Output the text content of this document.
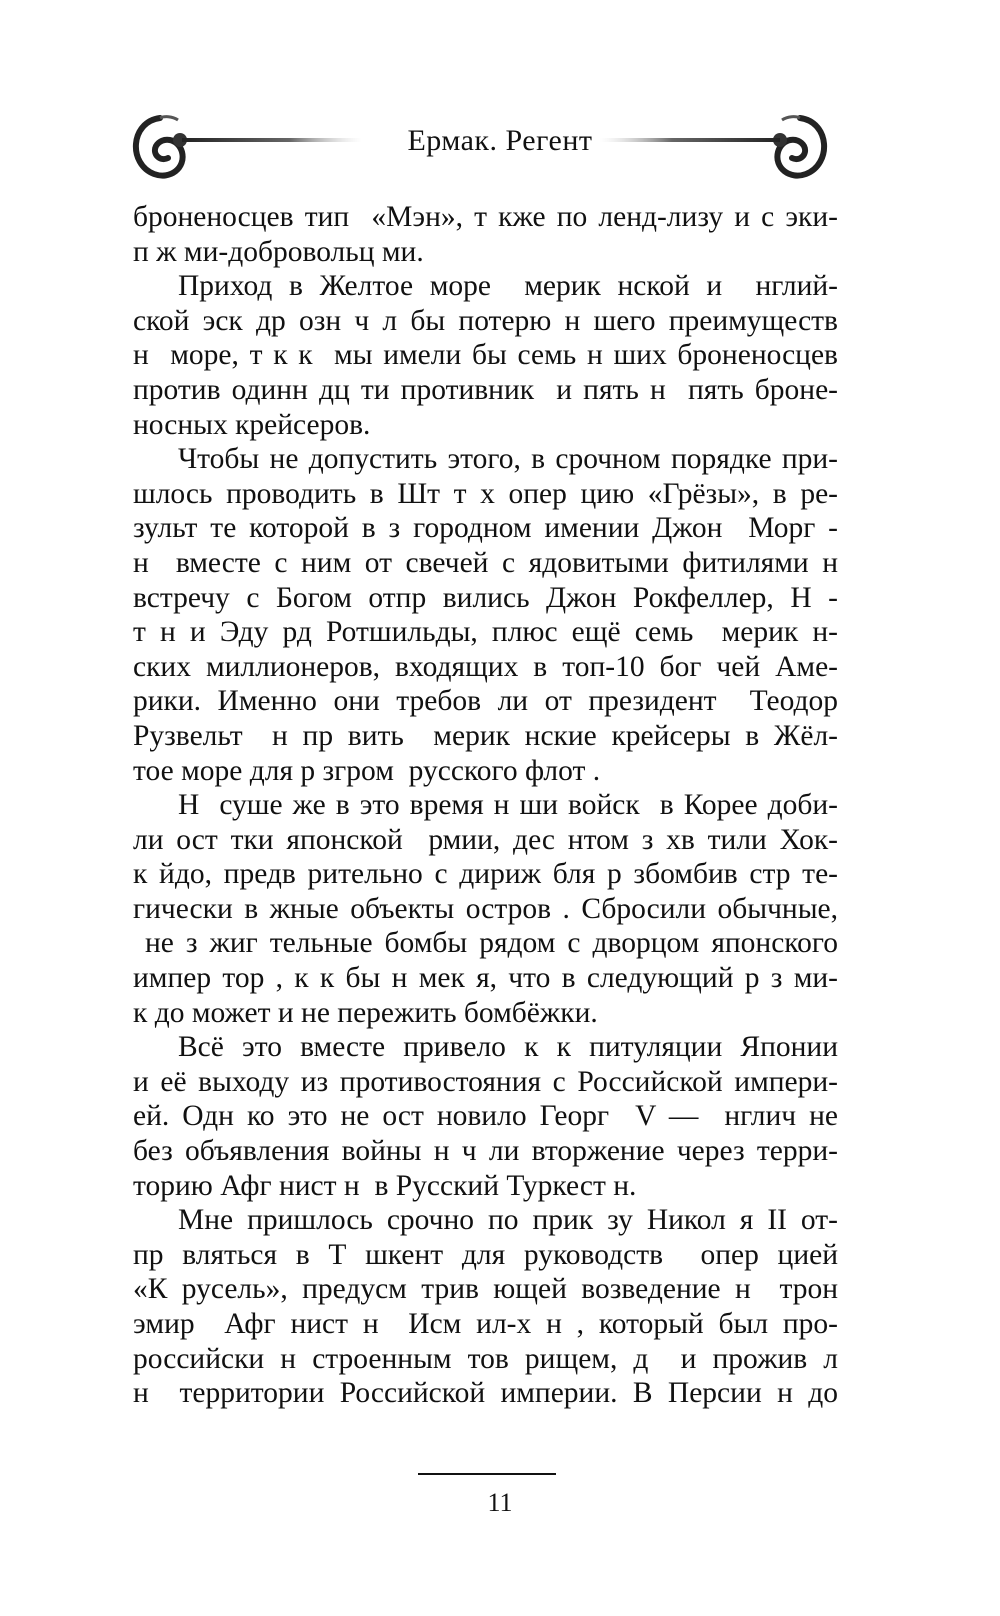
Ермак. Регент
броненосцев тип  «Мэн», т кже по ленд-лизу и с эки-
п ж ми-добровольц ми.
Приход в Желтое море  мерик нской и  нглий-
ской эск др озн ч л бы потерю н шего преимуществ
н  море, т к к  мы имели бы семь н ших броненосцев
против одинн дц ти противник  и пять н  пять броне-
носных крейсеров.
Чтобы не допустить этого, в срочном порядке при-
шлось проводить в Шт т х опер цию «Грёзы», в ре-
зульт те которой в з городном имении Джон  Морг -
н  вместе с ним от свечей с ядовитыми фитилями н
встречу с Богом отпр вились Джон Рокфеллер, Н -
т н и Эду рд Ротшильды, плюс ещё семь  мерик н-
ских миллионеров, входящих в топ-10 бог чей Аме-
рики. Именно они требов ли от президент  Теодор
Рузвельт  н пр вить  мерик нские крейсеры в Жёл-
тое море для р згром  русского флот .
Н  суше же в это время н ши войск  в Корее доби-
ли ост тки японской  рмии, дес нтом з хв тили Хок-
к йдо, предв рительно с дириж бля р збомбив стр те-
гически в жные объекты остров . Сбросили обычные,
не з жиг тельные бомбы рядом с дворцом японского
импер тор , к к бы н мек я, что в следующий р з ми-
к до может и не пережить бомбёжки.
Всё это вместе привело к к питуляции Японии
и её выходу из противостояния с Российской импери-
ей. Одн ко это не ост новило Георг  V —  нглич не
без объявления войны н ч ли вторжение через терри-
торию Афг нист н  в Русский Туркест н.
Мне пришлось срочно по прик зу Никол я II от-
пр вляться в Т шкент для руководств  опер цией
«К русель», предусм трив ющей возведение н  трон
эмир  Афг нист н  Исм ил-х н , который был про-
российски н строенным тов рищем, д  и прожив л
н  территории Российской империи. В Персии н до
11
